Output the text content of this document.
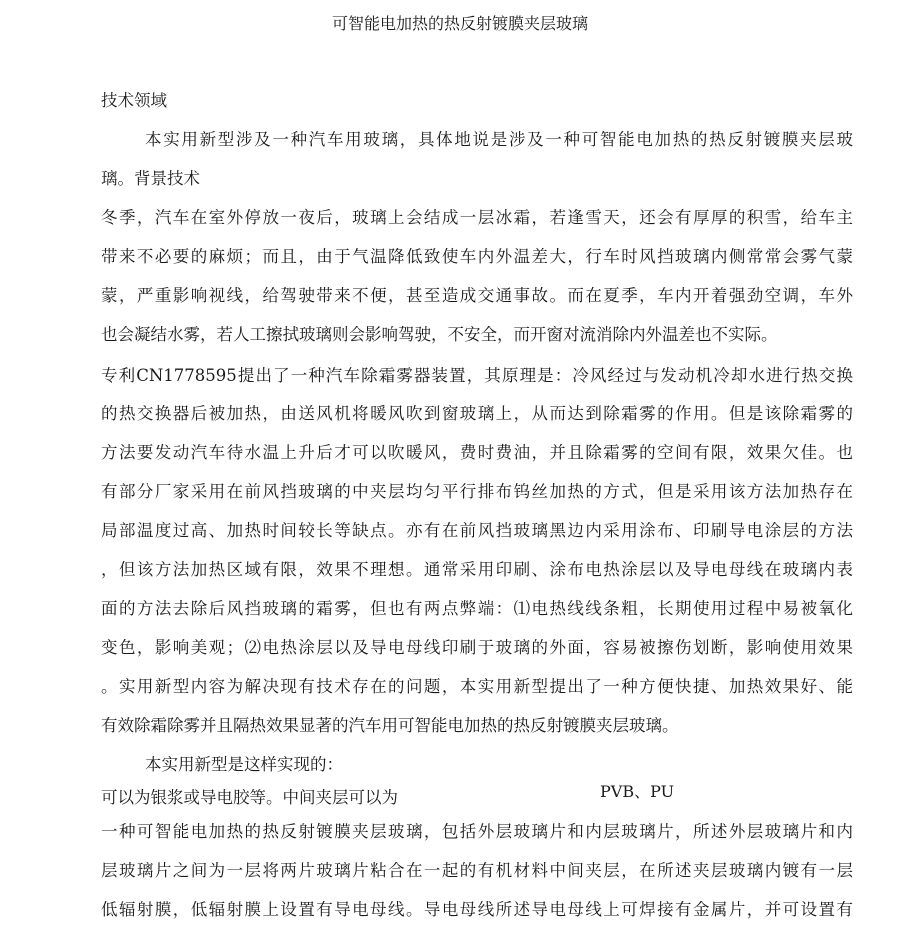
可智能电加热的热反射镀膜夹层玻璃
技术领域
本实用新型涉及一种汽车用玻璃，具体地说是涉及一种可智能电加热的热反射镀膜夹层玻
璃。背景技术
冬季，汽车在室外停放一夜后，玻璃上会结成一层冰霜，若逢雪天，还会有厚厚的积雪，给车主
带来不必要的麻烦；而且，由于气温降低致使车内外温差大，行车时风挡玻璃内侧常常会雾气蒙
蒙，严重影响视线，给驾驶带来不便，甚至造成交通事故。而在夏季，车内开着强劲空调，车外
也会凝结水雾，若人工擦拭玻璃则会影响驾驶，不安全，而开窗对流消除内外温差也不实际。
专利CN1778595提出了一种汽车除霜雾器装置，其原理是：冷风经过与发动机冷却水进行热交换
的热交换器后被加热，由送风机将暖风吹到窗玻璃上，从而达到除霜雾的作用。但是该除霜雾的
方法要发动汽车待水温上升后才可以吹暖风，费时费油，并且除霜雾的空间有限，效果欠佳。也
有部分厂家采用在前风挡玻璃的中夹层均匀平行排布钨丝加热的方式，但是采用该方法加热存在
局部温度过高、加热时间较长等缺点。亦有在前风挡玻璃黑边内采用涂布、印刷导电涂层的方法
，但该方法加热区域有限，效果不理想。通常采用印刷、涂布电热涂层以及导电母线在玻璃内表
面的方法去除后风挡玻璃的霜雾，但也有两点弊端：⑴电热线线条粗，长期使用过程中易被氧化
变色，影响美观；⑵电热涂层以及导电母线印刷于玻璃的外面，容易被擦伤划断，影响使用效果
。实用新型内容为解决现有技术存在的问题，本实用新型提出了一种方便快捷、加热效果好、能
有效除霜除雾并且隔热效果显著的汽车用可智能电加热的热反射镀膜夹层玻璃。
本实用新型是这样实现的：
可以为银浆或导电胶等。中间夹层可以为	PVB、PU
一种可智能电加热的热反射镀膜夹层玻璃，包括外层玻璃片和内层玻璃片，所述外层玻璃片和内
层玻璃片之间为一层将两片玻璃片粘合在一起的有机材料中间夹层，在所述夹层玻璃内镀有一层
低辐射膜，低辐射膜上设置有导电母线。导电母线所述导电母线上可焊接有金属片，并可设置有
